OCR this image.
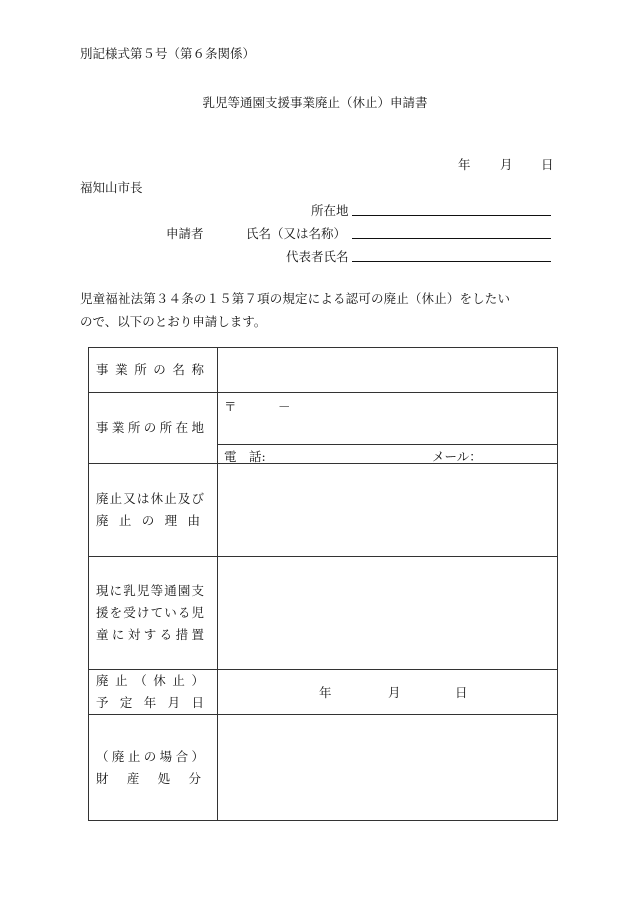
別記様式第５号（第６条関係）
乳児等通園支援事業廃止（休止）申請書
年 月 日
福知山市長
所在地
申請者	氏名（又は名称）
代表者氏名
児童福祉法第３４条の１５第７項の規定による認可の廃止（休止）をしたい
ので、以下のとおり申請します。
事業所の名称	

事業所の所在地	〒 －

	電　話: メール：

廃止又は休止及び
廃止の理由	

現に乳児等通園支
援を受けている児
童に対する措置	

廃止（休止）
予定年月日	年 月 日

（廃止の場合）
財産処分	
